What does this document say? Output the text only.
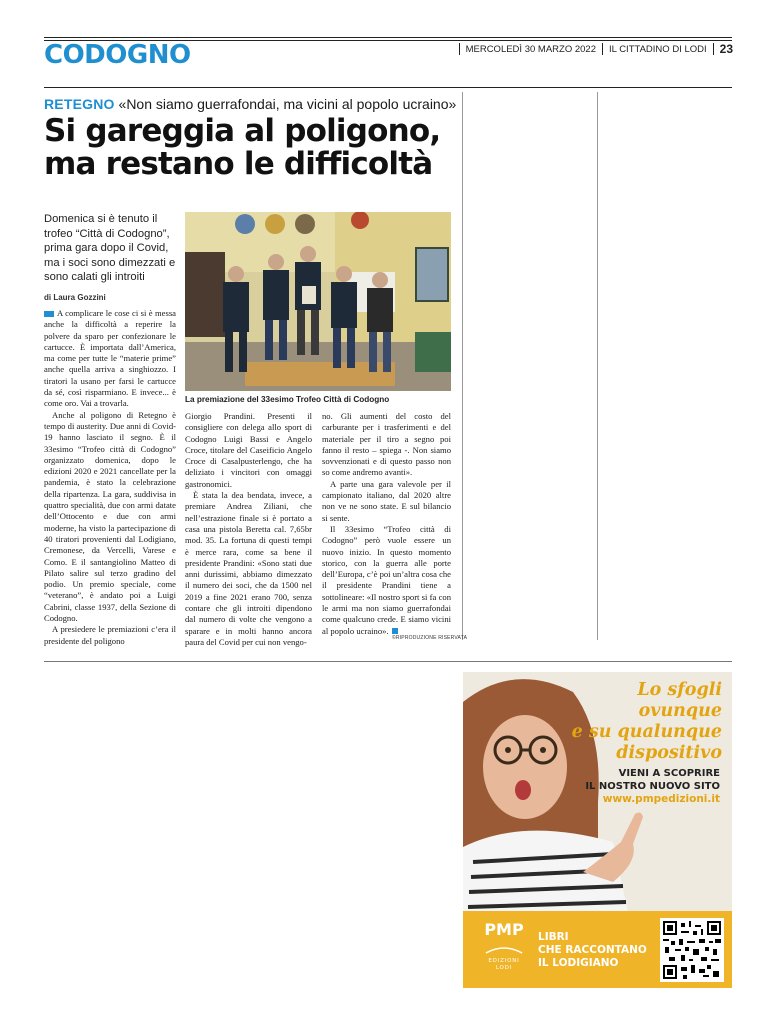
CODOGNO	MERCOLEDÌ 30 MARZO 2022 IL CITTADINO DI LODI 23
RETEGNO «Non siamo guerrafondai, ma vicini al popolo ucraino»
Si gareggia al poligono,
ma restano le difficoltà
Domenica si è tenuto il trofeo “Città di Codogno”, prima gara dopo il Covid, ma i soci sono dimezzati e sono calati gli introiti
di Laura Gozzini
La premiazione del 33esimo Trofeo Città di Codogno

A complicare le cose ci si è messa anche la difficoltà a reperire la polvere da sparo per confezionare le cartucce. È importata dall’America, ma come per tutte le “materie prime” anche quella arriva a singhiozzo. I tiratori la usano per farsi le cartucce da sé, così risparmiano. E invece... è come oro. Vai a trovarla.

Anche al poligono di Retegno è tempo di austerity. Due anni di Covid-19 hanno lasciato il segno. È il 33esimo “Trofeo città di Codogno” organizzato domenica, dopo le edizioni 2020 e 2021 cancellate per la pandemia, è stato la celebrazione della ripartenza. La gara, suddivisa in quattro specialità, due con armi datate dell’Ottocento e due con armi moderne, ha visto la partecipazione di 40 tiratori provenienti dal Lodigiano, Cremonese, da Vercelli, Varese e Como. E il santangiolino Matteo di Pilato salire sul terzo gradino del podio. Un premio speciale, come “veterano”, è andato poi a Luigi Cabrini, classe 1937, della Sezione di Codogno.

A presiedere le premiazioni c’era il presidente del poligono

Giorgio Prandini. Presenti il consigliere con delega allo sport di Codogno Luigi Bassi e Angelo Croce, titolare del Caseificio Angelo Croce di Casalpusterlengo, che ha deliziato i vincitori con omaggi gastronomici.

È stata la dea bendata, invece, a premiare Andrea Ziliani, che nell’estrazione finale si è portato a casa una pistola Beretta cal. 7,65br mod. 35. La fortuna di questi tempi è merce rara, come sa bene il presidente Prandini: «Sono stati due anni durissimi, abbiamo dimezzato il numero dei soci, che da 1500 nel 2019 a fine 2021 erano 700, senza contare che gli introiti dipendono dal numero di volte che vengono a sparare e in molti hanno ancora paura del Covid per cui non vengo-

no. Gli aumenti del costo del carburante per i trasferimenti e del materiale per il tiro a segno poi fanno il resto – spiega -. Non siamo sovvenzionati e di questo passo non so come andremo avanti».

A parte una gara valevole per il campionato italiano, dal 2020 altre non ve ne sono state. E sul bilancio si sente.

Il 33esimo “Trofeo città di Codogno” però vuole essere un nuovo inizio. In questo momento storico, con la guerra alle porte dell’Europa, c’è poi un’altra cosa che il presidente Prandini tiene a sottolineare: «Il nostro sport si fa con le armi ma non siamo guerrafondai come qualcuno crede. E siamo vicini al popolo ucraino».

©RIPRODUZIONE RISERVATA
Lo sfogli ovunque
e su qualunque
dispositivo
VIENI A SCOPRIRE
IL NOSTRO NUOVO SITO
www.pmpedizioni.it
PMP
EDIZIONI
LODI
LIBRI
CHE RACCONTANO
IL LODIGIANO
